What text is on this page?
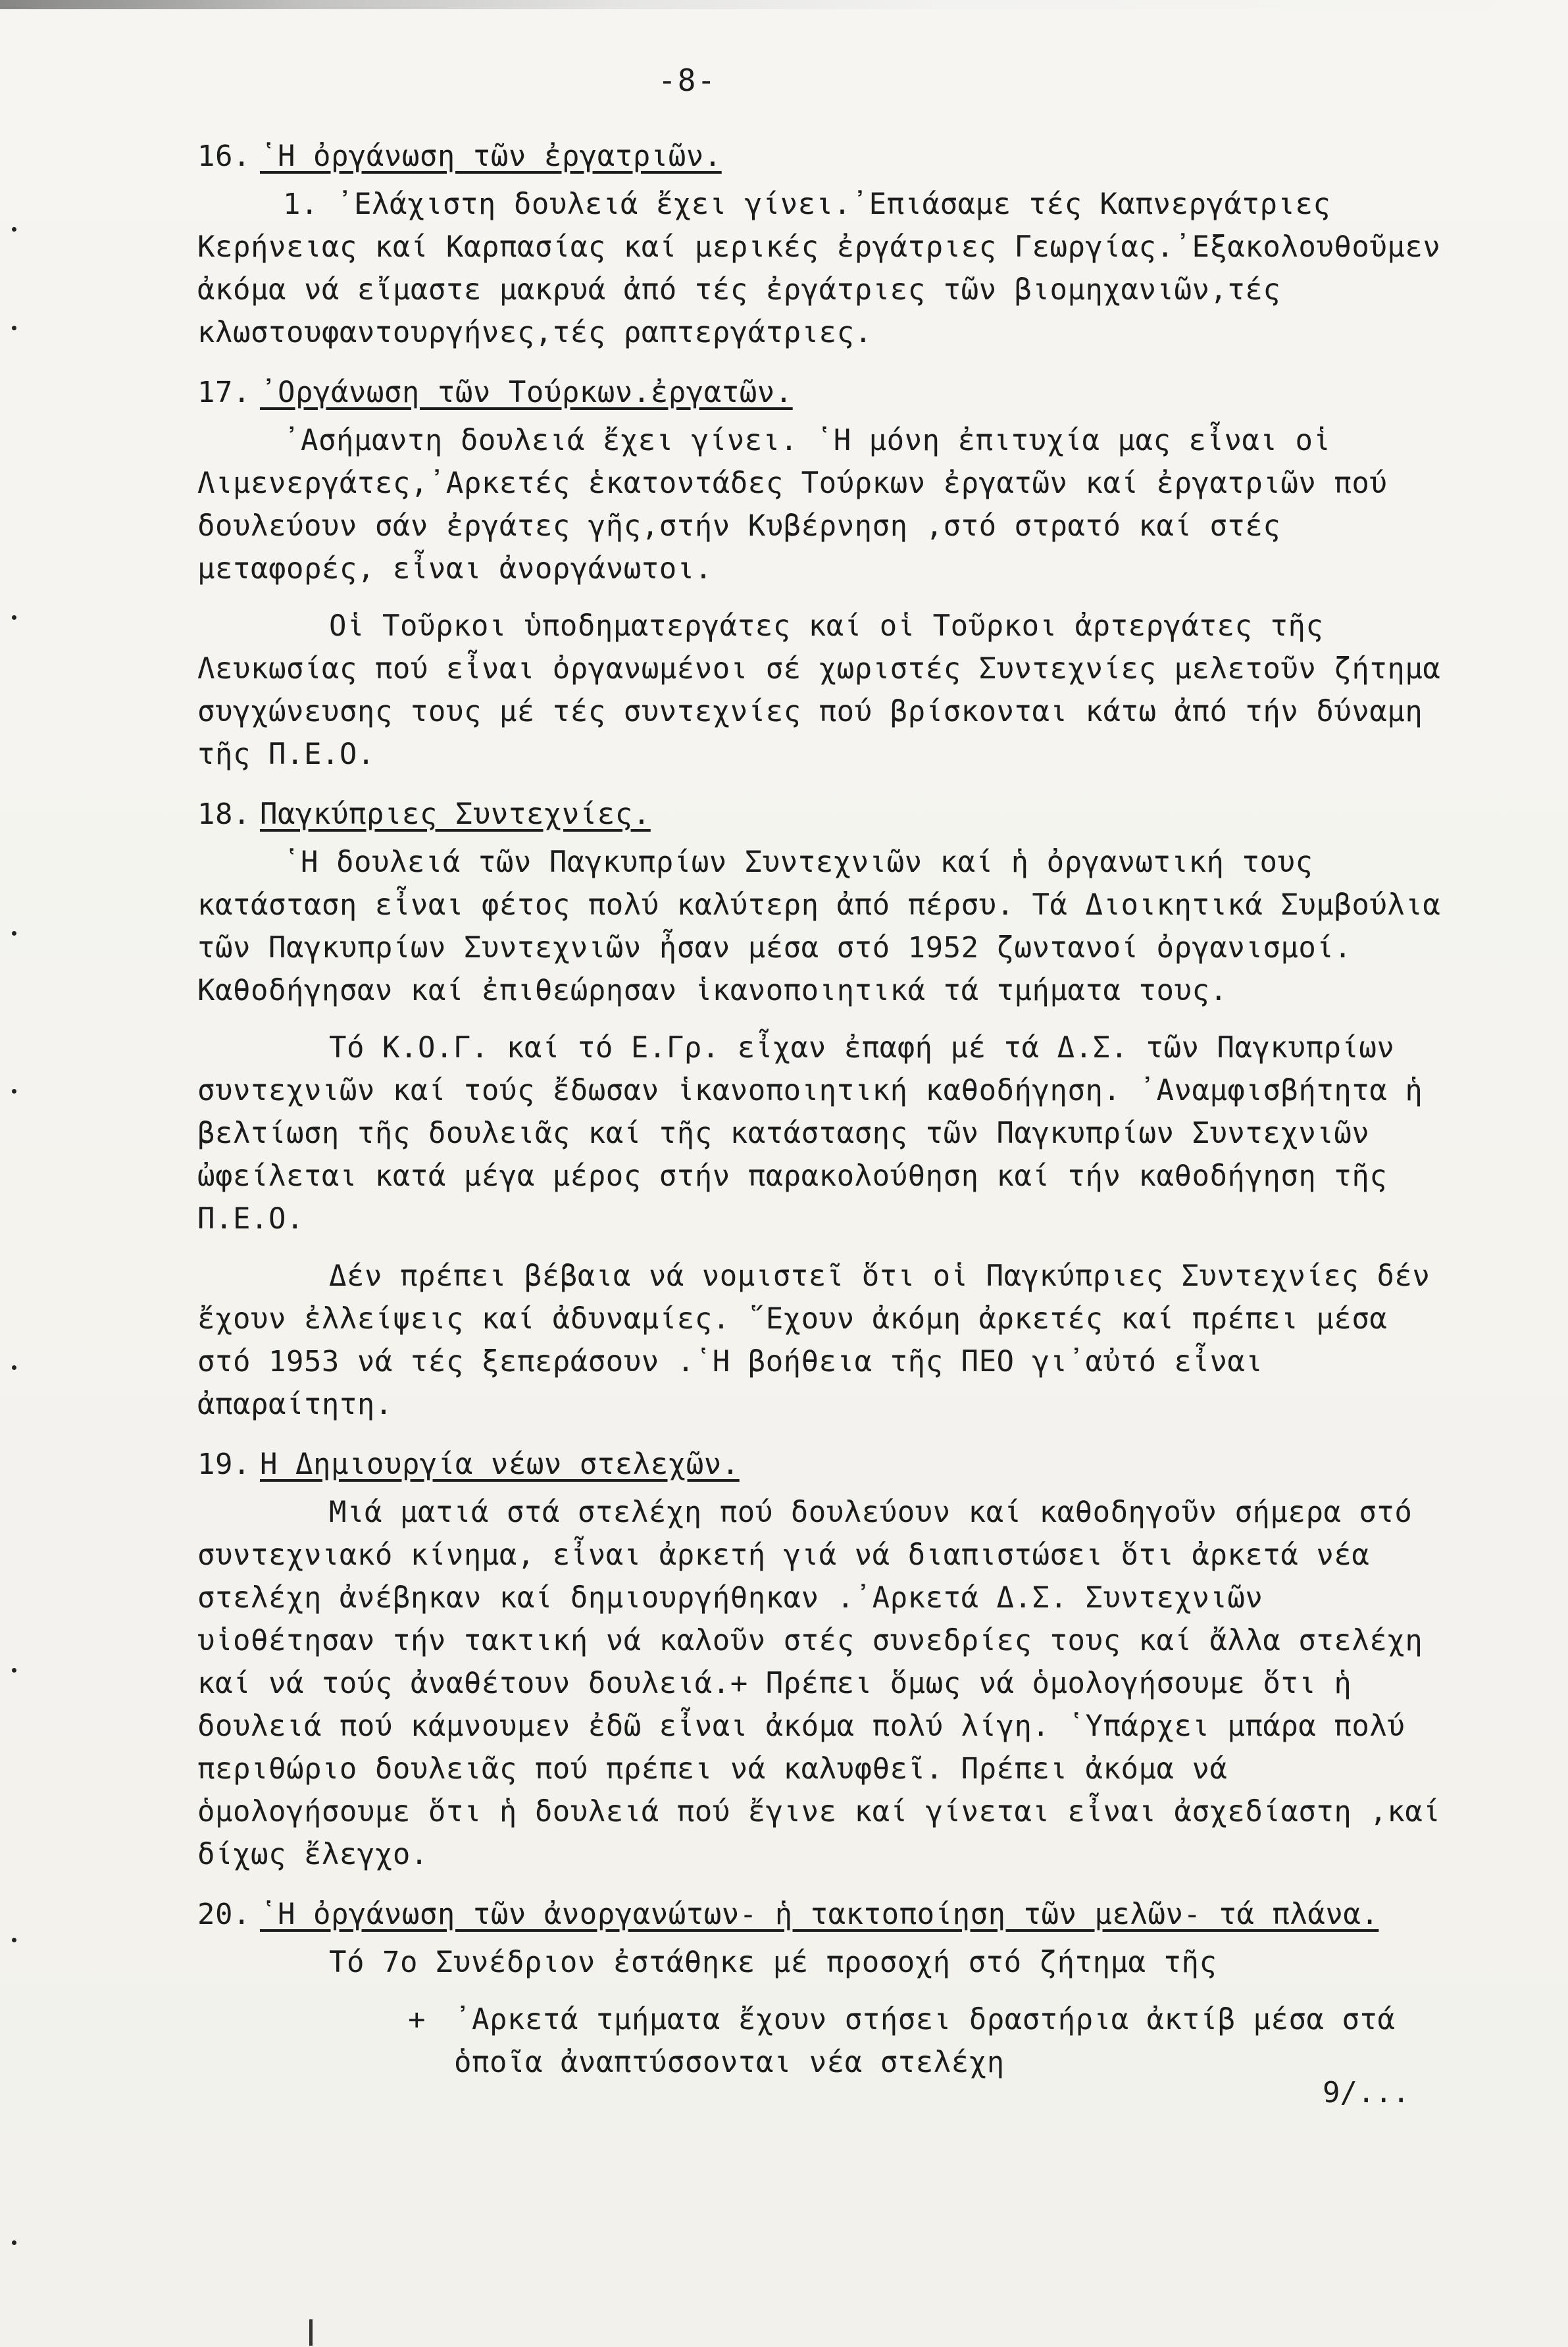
-8-
16. ῾Η ὀργάνωση τῶν ἐργατριῶν.
1. ᾿Ελάχιστη δουλειά ἔχει γίνει.᾿Επιάσαμε τές Καπνεργάτριες Κερήνειας καί Καρπασίας καί μερικές ἐργάτριες Γεωργίας.᾿Εξακολουθοῦμεν ἀκόμα νά εἴμαστε μακρυά ἀπό τές ἐργάτριες τῶν βιομηχανιῶν,τές κλωστουφαντουργήνες,τές ραπτεργάτριες.
17. ᾿Οργάνωση τῶν Τούρκων.ἐργατῶν.
᾿Ασήμαντη δουλειά ἔχει γίνει. ῾Η μόνη ἐπιτυχία μας εἶναι οἱ Λιμενεργάτες,᾿Αρκετές ἑκατοντάδες Τούρκων ἐργατῶν καί ἐργατριῶν πού δουλεύουν σάν ἐργάτες γῆς,στήν Κυβέρνηση ,στό στρατό καί στές μεταφορές, εἶναι ἀνοργάνωτοι.
Οἱ Τοῦρκοι ὑποδηματεργάτες καί οἱ Τοῦρκοι ἀρτεργάτες τῆς Λευκωσίας πού εἶναι ὀργανωμένοι σέ χωριστές Συντεχνίες μελετοῦν ζήτημα συγχώνευσης τους μέ τές συντεχνίες πού βρίσκονται κάτω ἀπό τήν δύναμη τῆς Π.Ε.Ο.
18. Παγκύπριες Συντεχνίες.
῾Η δουλειά τῶν Παγκυπρίων Συντεχνιῶν καί ἡ ὀργανωτική τους κατάσταση εἶναι φέτος πολύ καλύτερη ἀπό πέρσυ. Τά Διοικητικά Συμβούλια τῶν Παγκυπρίων Συντεχνιῶν ἦσαν μέσα στό 1952 ζωντανοί ὀργανισμοί. Καθοδήγησαν καί ἐπιθεώρησαν ἱκανοποιητικά τά τμήματα τους.
Τό Κ.Ο.Γ. καί τό Ε.Γρ. εἶχαν ἐπαφή μέ τά Δ.Σ. τῶν Παγκυπρίων συντεχνιῶν καί τούς ἔδωσαν ἱκανοποιητική καθοδήγηση. ᾿Αναμφισβήτητα ἡ βελτίωση τῆς δουλειᾶς καί τῆς κατάστασης τῶν Παγκυπρίων Συντεχνιῶν ὠφείλεται κατά μέγα μέρος στήν παρακολούθηση καί τήν καθοδήγηση τῆς Π.Ε.Ο.
Δέν πρέπει βέβαια νά νομιστεῖ ὅτι οἱ Παγκύπριες Συντεχνίες δέν ἔχουν ἐλλείψεις καί ἀδυναμίες. ῞Εχουν ἀκόμη ἀρκετές καί πρέπει μέσα στό 1953 νά τές ξεπεράσουν .῾Η βοήθεια τῆς ΠΕΟ γι᾿αὐτό εἶναι ἀπαραίτητη.
19. Η Δημιουργία νέων στελεχῶν.
Μιά ματιά στά στελέχη πού δουλεύουν καί καθοδηγοῦν σήμερα στό συντεχνιακό κίνημα, εἶναι ἀρκετή γιά νά διαπιστώσει ὅτι ἀρκετά νέα στελέχη ἀνέβηκαν καί δημιουργήθηκαν .᾿Αρκετά Δ.Σ. Συντεχνιῶν υἱοθέτησαν τήν τακτική νά καλοῦν στές συνεδρίες τους καί ἄλλα στελέχη καί νά τούς ἀναθέτουν δουλειά.+ Πρέπει ὅμως νά ὁμολογήσουμε ὅτι ἡ δουλειά πού κάμνουμεν ἐδῶ εἶναι ἀκόμα πολύ λίγη. ῾Υπάρχει μπάρα πολύ περιθώριο δουλειᾶς πού πρέπει νά καλυφθεῖ. Πρέπει ἀκόμα νά ὁμολογήσουμε ὅτι ἡ δουλειά πού ἔγινε καί γίνεται εἶναι ἀσχεδίαστη ,καί δίχως ἔλεγχο.
20. ῾Η ὀργάνωση τῶν ἀνοργανώτων- ἡ τακτοποίηση τῶν μελῶν- τά πλάνα.
Τό 7ο Συνέδριον ἐστάθηκε μέ προσοχή στό ζήτημα τῆς
+ ᾿Αρκετά τμήματα ἔχουν στήσει δραστήρια ἀκτίβ μέσα στά ὁποῖα ἀναπτύσσονται νέα στελέχη
9/...
